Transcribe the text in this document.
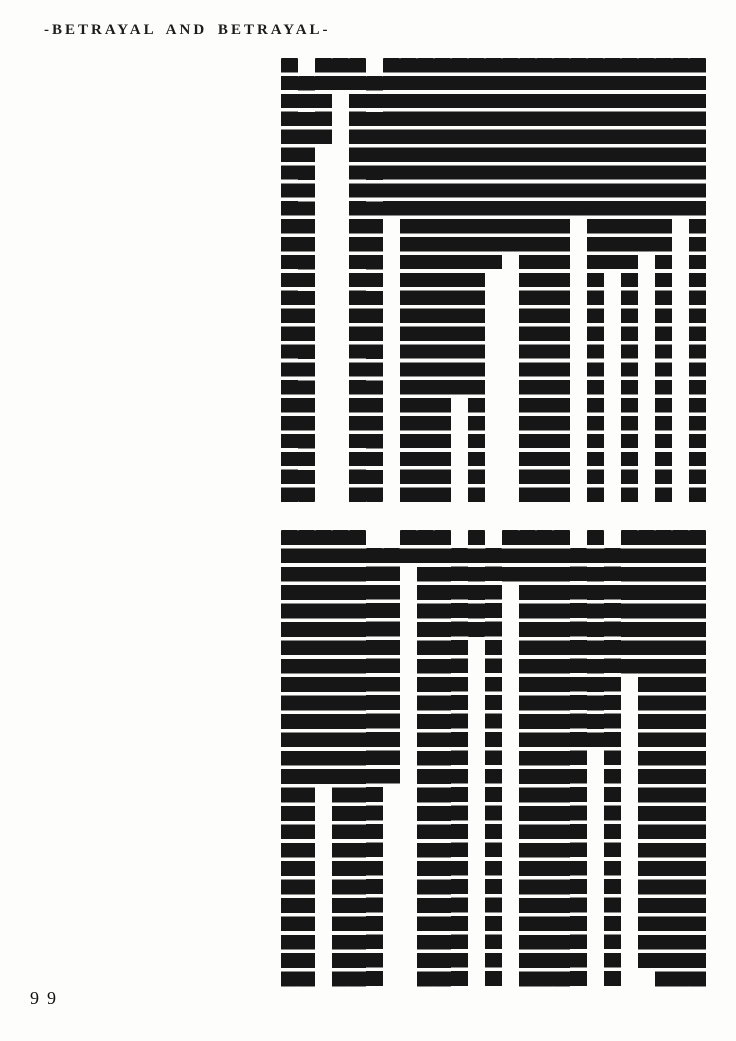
-BETRAYAL AND BETRAYAL-
99
